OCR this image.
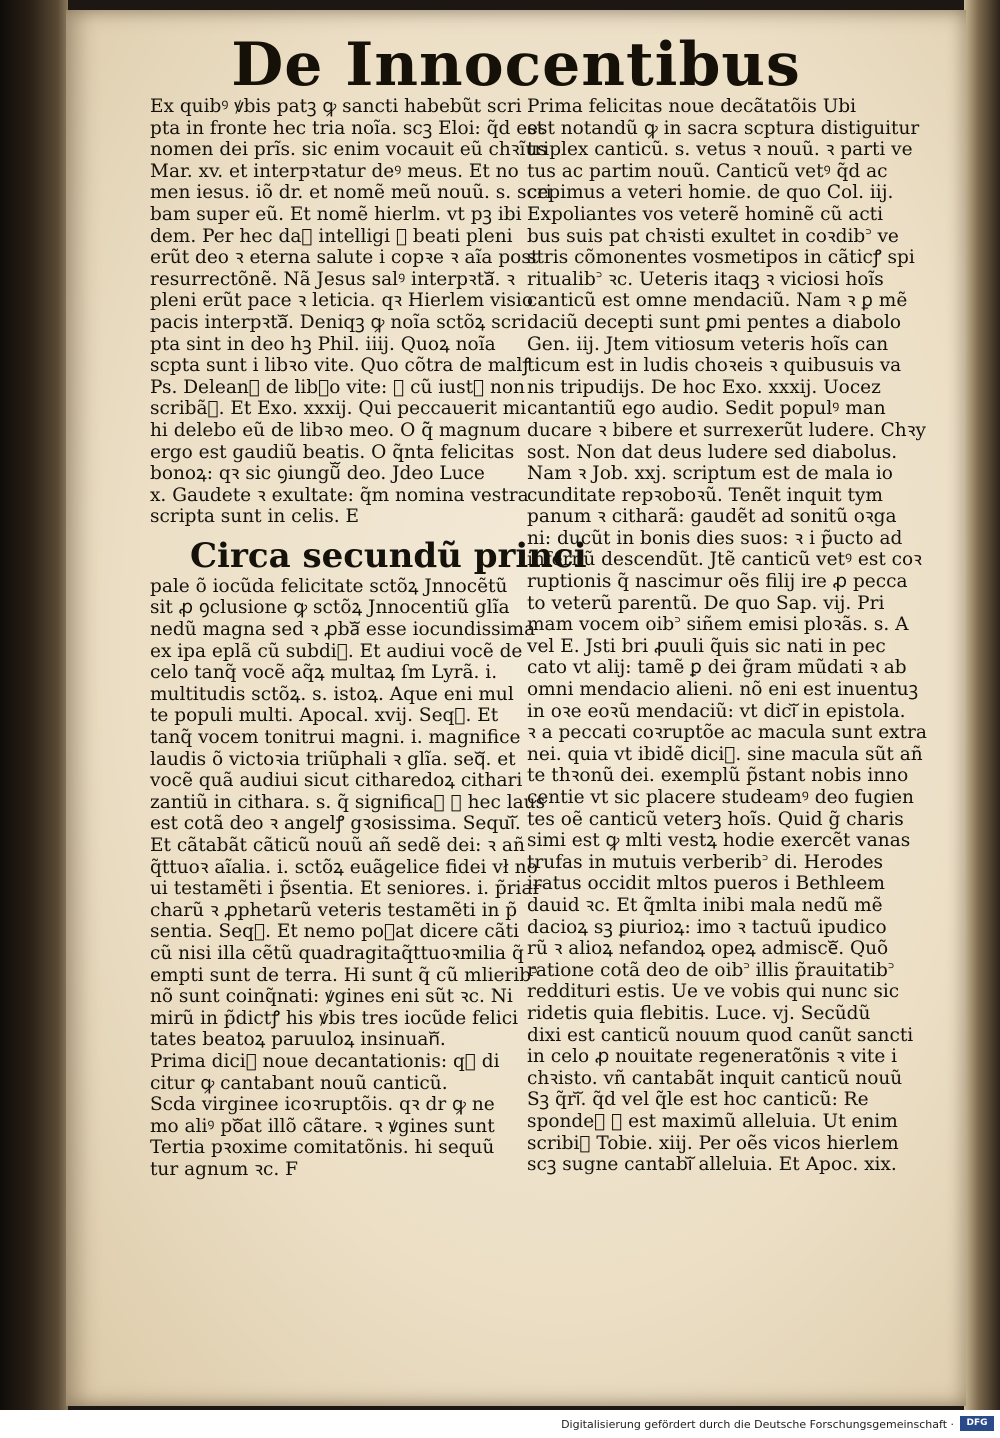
De Innocentibus
Ex quibꝰ ꝟbis patꝫ ꝙ sancti habebũt scri
pta in fronte hec tria noĩa. scꝫ Eloi: q̃d est
nomen dei prĩs. sic enim vocauit eũ chꝛĩus
Mar. xv. et interpꝛtatur deꝰ meus. Et no
men iesus. iõ dr. et nomẽ meũ nouũ. s. scri
bam super eũ. Et nomẽ hierlm. vt pꝫ ibi
dem. Per hec daᷓ intelligi ꝙ beati pleni
erũt deo ꝛ eterna salute i copꝛe ꝛ aĩa post
resurrectõnẽ. Nã Jesus salꝰ interpꝛtaᷓ. ꝛ
pleni erũt pace ꝛ leticia. qꝛ Hierlem visio
pacis interpꝛtaᷓ. Deniqꝫ ꝙ noĩa sctõꝝ scri
pta sint in deo hꝫ Phil. iiij. Quoꝝ noĩa
scpta sunt i libꝛo vite. Quo cõtra de malꝭ
Ps. Deleanᷓ de libꝛo vite: ꝛ cũ iustꝭ non
scribãᷓ. Et Exo. xxxij. Qui peccauerit mi
hi delebo eũ de libꝛo meo. O q̃̃ magnum
ergo est gaudiũ beatis. O q̃nta felicitas
bonoꝝ: qꝛ sic ꝯiungũᷓ deo. Jdeo Luce
x. Gaudete ꝛ exultate: q̃m nomina vestra
scripta sunt in celis. E
Circa secundũ princi
pale õ iocũda felicitate sctõꝝ Jnnocẽtũ
sit ꝓ ꝯclusione ꝙ sctõꝝ Jnnocentiũ glĩa
nedũ magna sed ꝛ ꝓbaᷓ esse iocundissima
ex ipa eplã cũ subdiᷓ. Et audiui vocẽ de
celo tanq̃ vocẽ aq̃ꝝ multaꝝ ſm Lyrã. i.
multitudis sctõꝝ. s. istoꝝ. Aque eni mul
te populi multi. Apocal. xvij. Seqᷓ. Et
tanq̃ vocem tonitrui magni. i. magnifice
laudis õ victoꝛia triũphali ꝛ glĩa. seqᷓ. et
vocẽ quã audiui sicut citharedoꝝ cithari
zantiũ in cithara. s. q̃ significaᷓ ꝙ hec laus
est cotã deo ꝛ angelꝭ gꝛosissima. Sequiᷓ.
Et cãtabãt cãticũ nouũ añ sedẽ dei: ꝛ añ
q̃ttuoꝛ aĩalia. i. sctõꝝ euãgelice fidei vł no
ui testamẽti i p̃sentia. Et seniores. i. p̃riar
charũ ꝛ ꝓphetarũ veteris testamẽti in p̃
sentia. Seqᷓ. Et nemo poᷓat dicere cãti
cũ nisi illa cẽtũ quadragitaq̃ttuoꝛmilia q̃
empti sunt de terra. Hi sunt q̃ cũ mlierib꜄
nõ sunt coinq̃nati: ꝟgines eni sũt ꝛc. Ni
mirũ in p̃dictꝭ his ꝟbis tres iocũde felici
tates beatoꝝ paruuloꝝ insinuanᷓ.
Prima diciᷓ noue decantationis: qꝛ di
citur ꝙ cantabant nouũ canticũ.
Scda virginee icoꝛruptõis. qꝛ dr ꝙ ne
mo aliꝰ poᷓat illõ cãtare. ꝛ ꝟgines sunt
Tertia pꝛoxime comitatõnis. hi sequũ
tur agnum ꝛc. F
Prima felicitas noue decãtatõis Ubi
est notandũ ꝙ in sacra scptura distiguitur
triplex canticũ. s. vetus ꝛ nouũ. ꝛ parti ve
tus ac partim nouũ. Canticũ vetꝰ q̃d ac
cepimus a veteri homie. de quo Col. iij.
Expoliantes vos veterẽ hominẽ cũ acti
bus suis pat chꝛisti exultet in coꝛdib꜄ ve
stris cõmonentes vosmetipos in cãticꝭ spi
ritualib꜄ ꝛc. Ueteris itaqꝫ ꝛ viciosi hoĩs
canticũ est omne mendaciũ. Nam ꝛ ꝑ mẽ
daciũ decepti sunt ꝑmi pentes a diabolo
Gen. iij. Jtem vitiosum veteris hoĩs can
ticum est in ludis choꝛeis ꝛ quibusuis va
nis tripudijs. De hoc Exo. xxxij. Uocez
cantantiũ ego audio. Sedit populꝰ man
ducare ꝛ bibere et surrexerũt ludere. Chꝛy
sost. Non dat deus ludere sed diabolus.
Nam ꝛ Job. xxj. scriptum est de mala io
cunditate repꝛoboꝛũ. Tenẽt inquit tym
panum ꝛ citharã: gaudẽt ad sonitũ oꝛga
ni: ducũt in bonis dies suos: ꝛ i p̃ucto ad
infernũ descendũt. Jtẽ canticũ vetꝰ est coꝛ
ruptionis q̃ nascimur oẽs filij ire ꝓ pecca
to veterũ parentũ. De quo Sap. vij. Pri
mam vocem oib꜄ siñem emisi ploꝛãs. s. A
vel E. Jsti bri ꝓuuli q̃uis sic nati in pec
cato vt alij: tamẽ ꝑ dei g̃ram mũdati ꝛ ab
omni mendacio alieni. nõ eni est inuentuꝫ
in oꝛe eoꝛũ mendaciũ: vt diciᷓ in epistola.
ꝛ a peccati coꝛruptõe ac macula sunt extra
nei. quia vt ibidẽ diciᷓ. sine macula sũt añ
te thꝛonũ dei. exemplũ p̃stant nobis inno
centie vt sic placere studeamꝰ deo fugien
tes oẽ canticũ veterꝫ hoĩs. Quid g̃ charis
simi est ꝙ mlti vestꝝ hodie exercẽt vanas
trufas in mutuis verberib꜄ di. Herodes
iratus occidit mltos pueros i Bethleem
dauid ꝛc. Et q̃mlta inibi mala nedũ mẽ
dacioꝝ sꝫ ꝑiurioꝝ: imo ꝛ tactuũ ipudico
rũ ꝛ alioꝝ nefandoꝝ opeꝝ admisceᷓ. Quõ
ratione cotã deo de oib꜄ illis p̃rauitatib꜄
reddituri estis. Ue ve vobis qui nunc sic
ridetis quia flebitis. Luce. vj. Secũdũ
dixi est canticũ nouum quod canũt sancti
in celo ꝓ nouitate regeneratõnis ꝛ vite i
chꝛisto. vñ cantabãt inquit canticũ nouũ
Sꝫ q̃riᷓ. q̃d vel q̃le est hoc canticũ: Re
spondeᷓ ꝙ est maximũ alleluia. Ut enim
scribiᷓ Tobie. xiij. Per oẽs vicos hierlem
scꝫ sugne cantabiᷓ alleluia. Et Apoc. xix.
Digitalisierung gefördert durch die Deutsche Forschungsgemeinschaft ·	DFG
